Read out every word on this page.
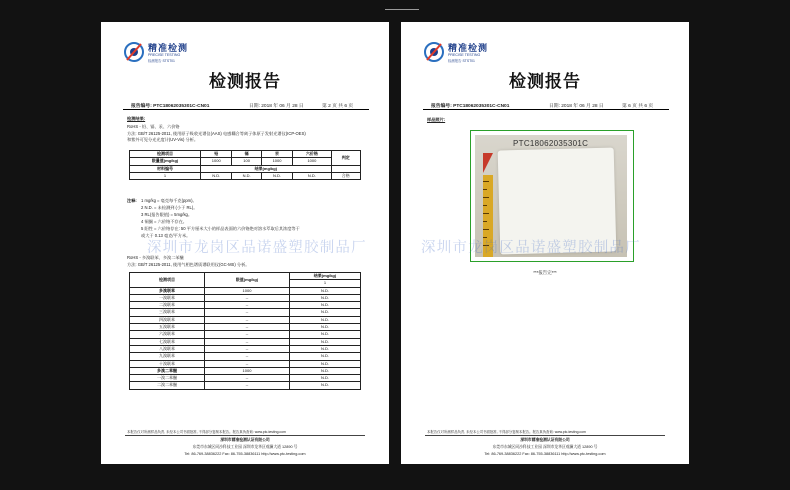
精准检测
PRECISE TESTING
检测报告 STST01
检测报告
报告编号: PTC18062035301C-CN01	日期: 2018 年 06 月 28 日	第 2 页 共 6 页
检测结果:
RoHS - 铅、镉、汞、六价铬
方法: GB/T 26125-2011, 使用原子吸收光谱仪(AAS) 电感耦合等离子体原子发射光谱仪(ICP-OES)
和紫外可见分光光度计(UV-Vis) 分析。
检测项目	铅	镉	汞	六价铬	判定
限量值(mg/kg)	1000	100	1000	1000	
材料编号	结果(mg/kg)				
1	N.D.	N.D.	N.D.	N.D.	合格
注释: 1 mg/kg = 毫克每千克(ppm)。
2 N.D. = 未检测到 (小于 RL)。
3 RL(报告限值) = 5mg/kg。
4 铜圈 = 六价铬不存在。
5 阳性 = 六价铬存在: 50 平方厘米大小的样品表面的六价铬绝对溶水萃取后其浓度等于
或大于 0.13 毫克/平方米。
深圳市龙岗区品诺盛塑胶制品厂
RoHS - 多溴联苯、多溴二苯醚
方法: GB/T 26125-2011, 使用气相色谱质谱联用仪(GC-MS) 分析。
检测项目	限值(mg/kg)	结果(mg/kg)
		1
多溴联苯	1000	N.D.
一溴联苯	--	N.D.
二溴联苯	--	N.D.
三溴联苯	--	N.D.
四溴联苯	--	N.D.
五溴联苯	--	N.D.
六溴联苯	--	N.D.
七溴联苯	--	N.D.
八溴联苯	--	N.D.
九溴联苯	--	N.D.
十溴联苯	--	N.D.
多溴二苯醚	1000	N.D.
一溴二苯醚	--	N.D.
二溴二苯醚	--	N.D.
本报告仅对所测样品负责, 未经本公司书面批准, 不得部分复制本报告。报告真伪查询: www.ptc-testing.com
深圳市精准检测认证有限公司
东莞市东城区同沙科技工业园 深圳市龙华区观澜大道 12890 号
Tel: 86-769-38836222 Fax: 86-755-38836111 http://www.ptc-testing.com
精准检测
PRECISE TESTING
检测报告 STST01
检测报告
报告编号: PTC18062035301C-CN01	日期: 2018 年 06 月 28 日	第 6 页 共 6 页
样品照片:
PTC18062035301C
***报告完***
深圳市龙岗区品诺盛塑胶制品厂
本报告仅对所测样品负责, 未经本公司书面批准, 不得部分复制本报告。报告真伪查询: www.ptc-testing.com
深圳市精准检测认证有限公司
东莞市东城区同沙科技工业园 深圳市龙华区观澜大道 12890 号
Tel: 86-769-38836222 Fax: 86-755-38836111 http://www.ptc-testing.com
